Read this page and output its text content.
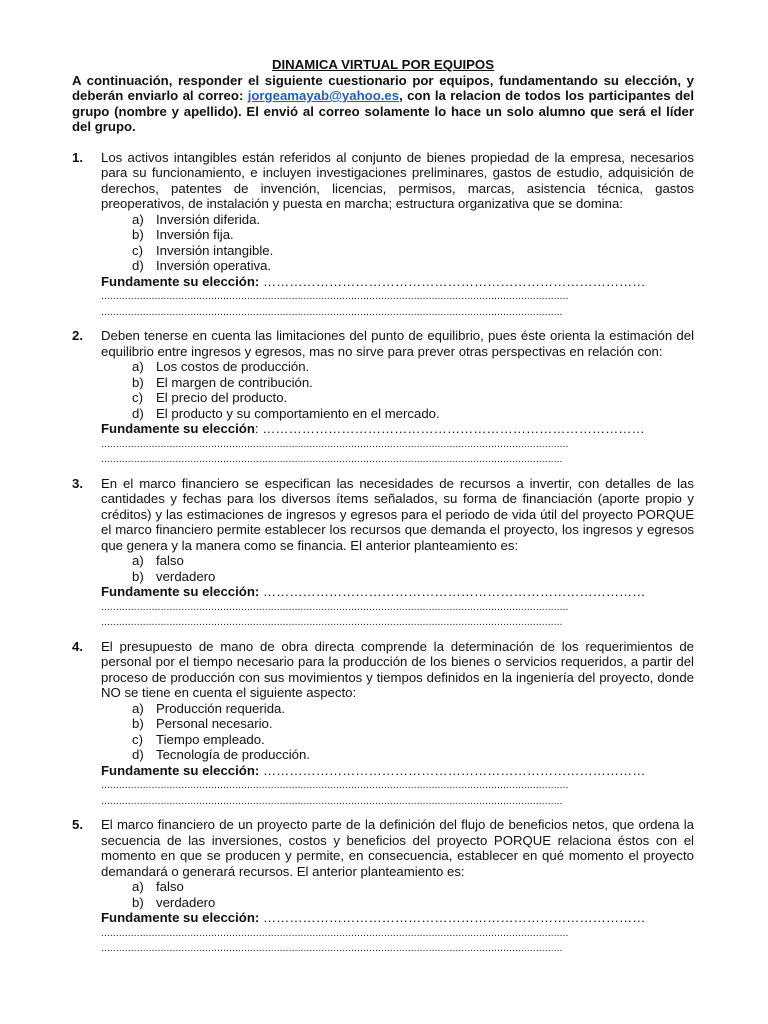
DINAMICA VIRTUAL POR EQUIPOS
A continuación, responder el siguiente cuestionario por equipos, fundamentando su elección, y deberán enviarlo al correo: jorgeamayab@yahoo.es, con la relacion de todos los participantes del grupo (nombre y apellido). El envió al correo solamente lo hace un solo alumno que será el líder del grupo.
1.	Los activos intangibles están referidos al conjunto de bienes propiedad de la empresa, necesarios para su funcionamiento, e incluyen investigaciones preliminares, gastos de estudio, adquisición de derechos, patentes de invención, licencias, permisos, marcas, asistencia técnica, gastos preoperativos, de instalación y puesta en marcha; estructura organizativa que se domina:
a) Inversión diferida.
b) Inversión fija.
c) Inversión intangible.
d) Inversión operativa.
Fundamente su elección: ……………………………………………………………………………
.............................................................................................................................................................
...........................................................................................................................................................
2.	Deben tenerse en cuenta las limitaciones del punto de equilibrio, pues éste orienta la estimación del equilibrio entre ingresos y egresos, mas no sirve para prever otras perspectivas en relación con:
a) Los costos de producción.
b) El margen de contribución.
c) El precio del producto.
d) El producto y su comportamiento en el mercado.
Fundamente su elección: ……………………………………………………………………………
.............................................................................................................................................................
...........................................................................................................................................................
3.	En el marco financiero se especifican las necesidades de recursos a invertir, con detalles de las cantidades y fechas para los diversos ítems señalados, su forma de financiación (aporte propio y créditos) y las estimaciones de ingresos y egresos para el periodo de vida útil del proyecto PORQUE el marco financiero permite establecer los recursos que demanda el proyecto, los ingresos y egresos que genera y la manera como se financia. El anterior planteamiento es:
a) falso
b) verdadero
Fundamente su elección: ……………………………………………………………………………
.............................................................................................................................................................
...........................................................................................................................................................
4.	El presupuesto de mano de obra directa comprende la determinación de los requerimientos de personal por el tiempo necesario para la producción de los bienes o servicios requeridos, a partir del proceso de producción con sus movimientos y tiempos definidos en la ingeniería del proyecto, donde NO se tiene en cuenta el siguiente aspecto:
a) Producción requerida.
b) Personal necesario.
c) Tiempo empleado.
d) Tecnología de producción.
Fundamente su elección: ……………………………………………………………………………
.............................................................................................................................................................
...........................................................................................................................................................
5.	El marco financiero de un proyecto parte de la definición del flujo de beneficios netos, que ordena la secuencia de las inversiones, costos y beneficios del proyecto PORQUE relaciona éstos con el momento en que se producen y permite, en consecuencia, establecer en qué momento el proyecto demandará o generará recursos. El anterior planteamiento es:
a) falso
b) verdadero
Fundamente su elección: ……………………………………………………………………………
.............................................................................................................................................................
...........................................................................................................................................................
